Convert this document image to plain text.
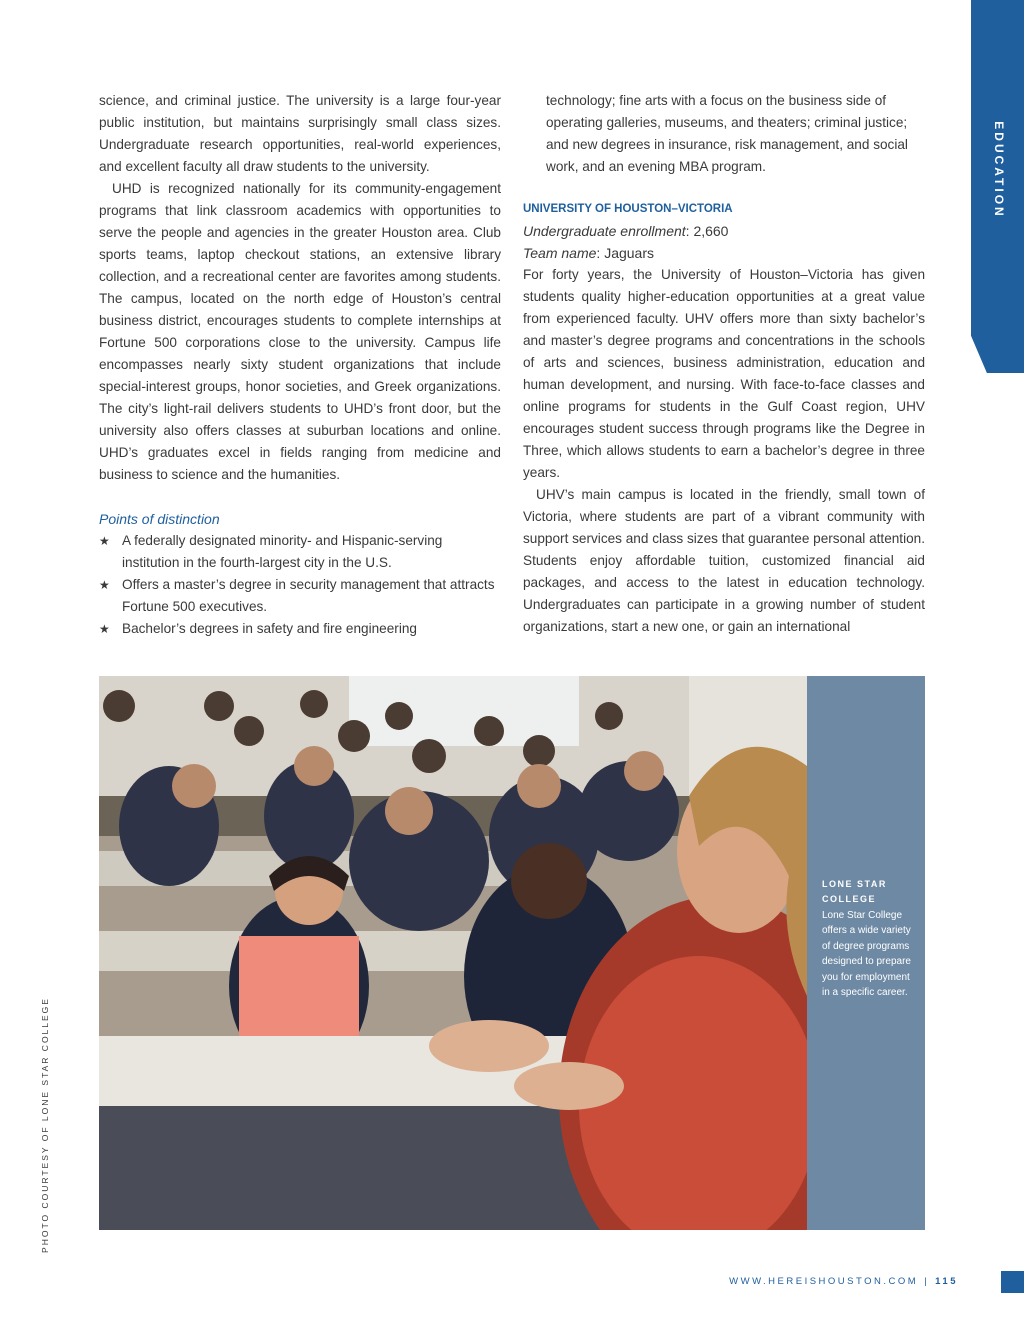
EDUCATION
PHOTO COURTESY OF LONE STAR COLLEGE

science, and criminal justice. The university is a large four-year public institution, but maintains surprisingly small class sizes. Undergraduate research opportunities, real-world experiences, and excellent faculty all draw students to the university.

UHD is recognized nationally for its community-engagement programs that link classroom academics with opportunities to serve the people and agencies in the greater Houston area. Club sports teams, laptop checkout stations, an extensive library collection, and a recreational center are favorites among students. The campus, located on the north edge of Houston’s central business district, encourages students to complete internships at Fortune 500 corporations close to the university. Campus life encompasses nearly sixty student organizations that include special-interest groups, honor societies, and Greek organizations. The city’s light-rail delivers students to UHD’s front door, but the university also offers classes at suburban locations and online. UHD’s graduates excel in fields ranging from medicine and business to science and the humanities.

Points of distinction
★ A federally designated minority- and Hispanic-serving institution in the fourth-largest city in the U.S.
★ Offers a master’s degree in security management that attracts Fortune 500 executives.
★ Bachelor’s degrees in safety and fire engineering

technology; fine arts with a focus on the business side of operating galleries, museums, and theaters; criminal justice; and new degrees in insurance, risk management, and social work, and an evening MBA program.

UNIVERSITY OF HOUSTON–VICTORIA

Undergraduate enrollment: 2,660

Team name: Jaguars

For forty years, the University of Houston–Victoria has given students quality higher-education opportunities at a great value from experienced faculty. UHV offers more than sixty bachelor’s and master’s degree programs and concentrations in the schools of arts and sciences, business administration, education and human development, and nursing. With face-to-face classes and online programs for students in the Gulf Coast region, UHV encourages student success through programs like the Degree in Three, which allows students to earn a bachelor’s degree in three years.

UHV’s main campus is located in the friendly, small town of Victoria, where students are part of a vibrant community with support services and class sizes that guarantee personal attention. Students enjoy affordable tuition, customized financial aid packages, and access to the latest in education technology. Undergraduates can participate in a growing number of student organizations, start a new one, or gain an international

LONE STAR COLLEGE
Lone Star College offers a wide variety of degree programs designed to prepare you for employment in a specific career.
WWW.HEREISHOUSTON.COM | 115
